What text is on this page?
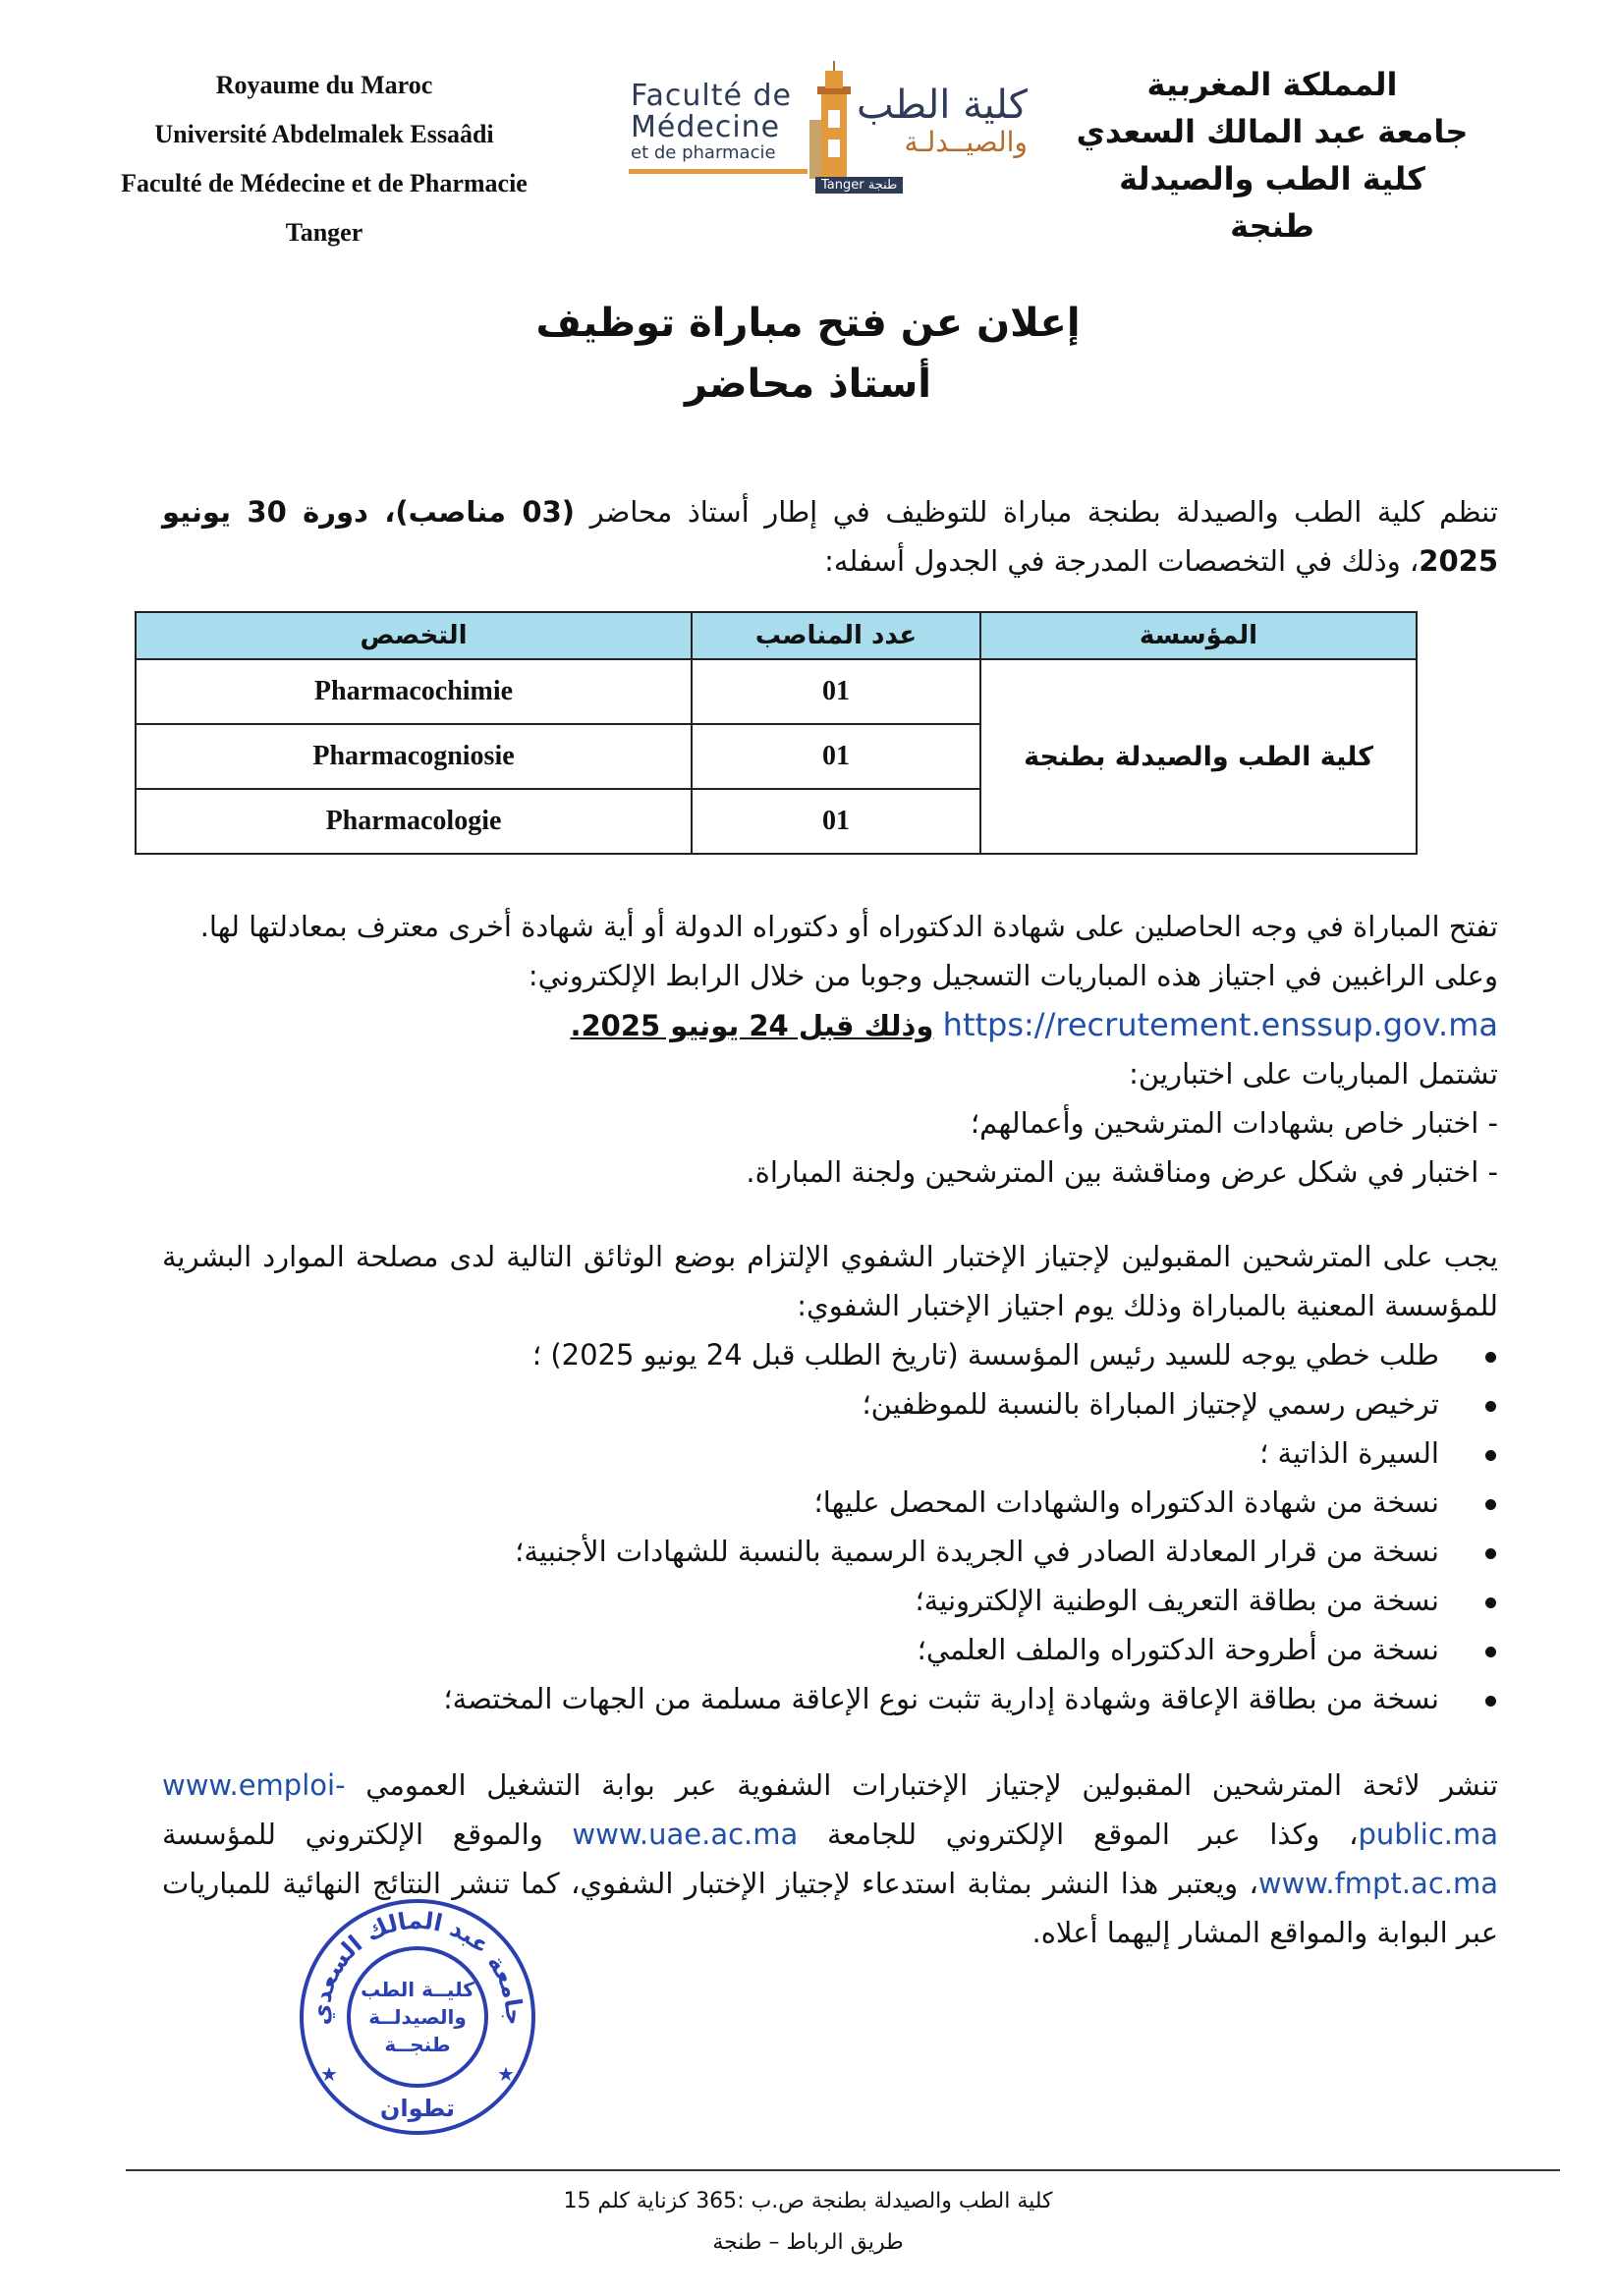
Royaume du Maroc
Université Abdelmalek Essaâdi
Faculté de Médecine et de Pharmacie
Tanger
Faculté de
Médecine
et de pharmacie
Tanger طنجة
كلية الطب
والصيــدلـة
المملكة المغربية
جامعة عبد المالك السعدي
كلية الطب والصيدلة
طنجة
إعلان عن فتح مباراة توظيف
أستاذ محاضر
تنظم كلية الطب والصيدلة بطنجة مباراة للتوظيف في إطار أستاذ محاضر (03 مناصب)، دورة 30 يونيو 2025، وذلك في التخصصات المدرجة في الجدول أسفله:
المؤسسة	عدد المناصب	التخصص
كلية الطب والصيدلة بطنجة	01	Pharmacochimie
	01	Pharmacogniosie
	01	Pharmacologie
تفتح المباراة في وجه الحاصلين على شهادة الدكتوراه أو دكتوراه الدولة أو أية شهادة أخرى معترف بمعادلتها لها.
وعلى الراغبين في اجتياز هذه المباريات التسجيل وجوبا من خلال الرابط الإلكتروني:
https://recrutement.enssup.gov.ma وذلك قبل 24 يونيو 2025.
تشتمل المباريات على اختبارين:
- اختبار خاص بشهادات المترشحين وأعمالهم؛
- اختبار في شكل عرض ومناقشة بين المترشحين ولجنة المباراة.
يجب على المترشحين المقبولين لإجتياز الإختبار الشفوي الإلتزام بوضع الوثائق التالية لدى مصلحة الموارد البشرية للمؤسسة المعنية بالمباراة وذلك يوم اجتياز الإختبار الشفوي:
طلب خطي يوجه للسيد رئيس المؤسسة (تاريخ الطلب قبل 24 يونيو 2025) ؛
ترخيص رسمي لإجتياز المباراة بالنسبة للموظفين؛
السيرة الذاتية ؛
نسخة من شهادة الدكتوراه والشهادات المحصل عليها؛
نسخة من قرار المعادلة الصادر في الجريدة الرسمية بالنسبة للشهادات الأجنبية؛
نسخة من بطاقة التعريف الوطنية الإلكترونية؛
نسخة من أطروحة الدكتوراه والملف العلمي؛
نسخة من بطاقة الإعاقة وشهادة إدارية تثبت نوع الإعاقة مسلمة من الجهات المختصة؛
تنشر لائحة المترشحين المقبولين لإجتياز الإختبارات الشفوية عبر بوابة التشغيل العمومي www.emploi-public.ma، وكذا عبر الموقع الإلكتروني للجامعة www.uae.ac.ma والموقع الإلكتروني للمؤسسة www.fmpt.ac.ma، ويعتبر هذا النشر بمثابة استدعاء لإجتياز الإختبار الشفوي، كما تنشر النتائج النهائية للمباريات عبر البوابة والمواقع المشار إليهما أعلاه.
جامعة عبد المالك السعدي
كليــة الطب
والصيدلــة
طنجــة
تطوان
★	★
كلية الطب والصيدلة بطنجة ص.ب :365 كزناية كلم 15
طريق الرباط – طنجة
